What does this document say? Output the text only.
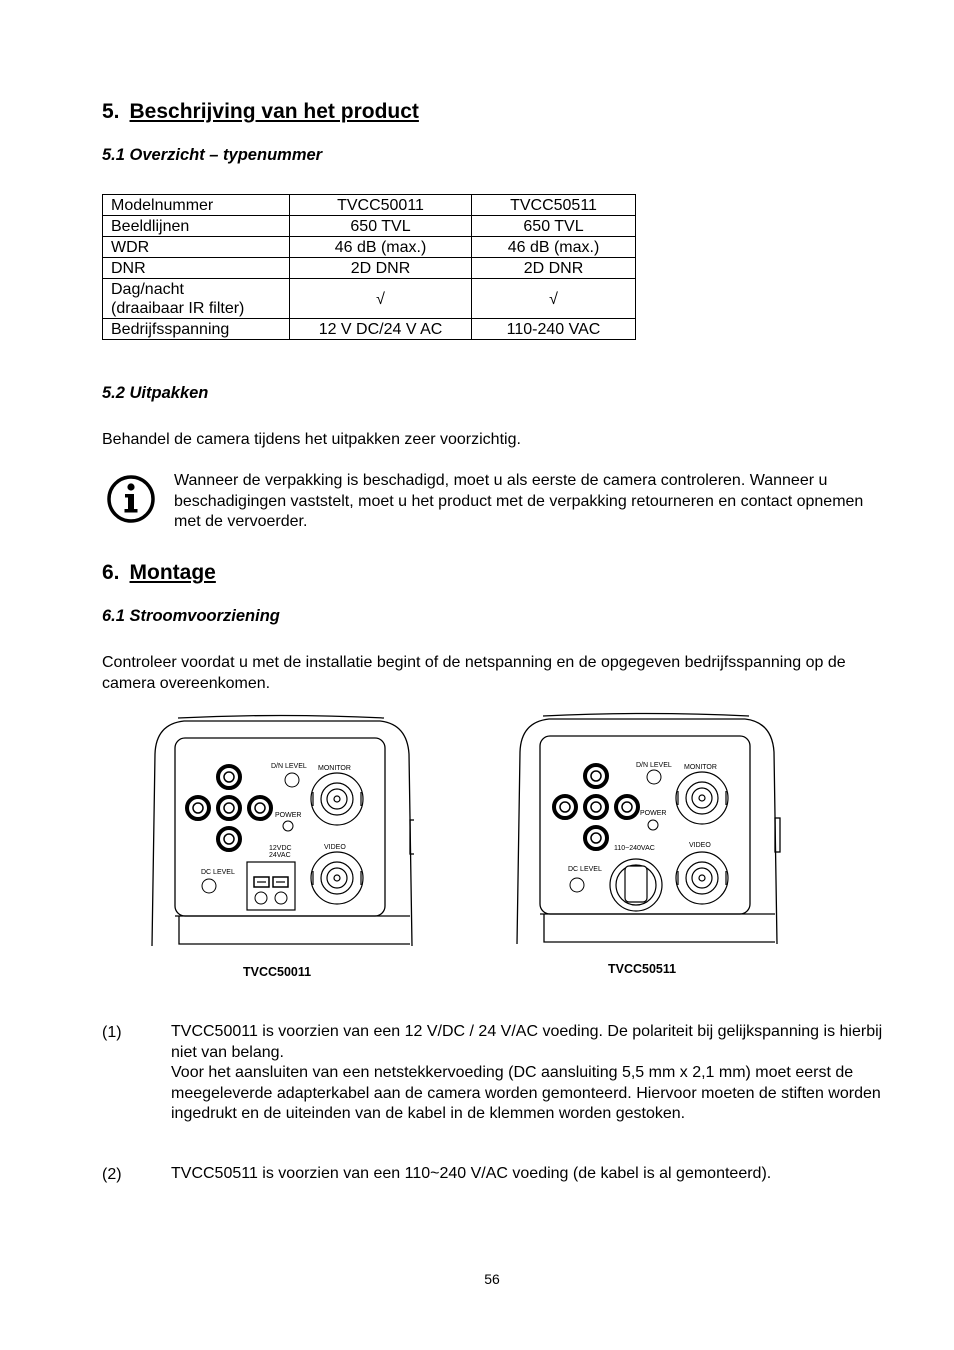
5. Beschrijving van het product
5.1 Overzicht – typenummer
Modelnummer	TVCC50011	TVCC50511
Beeldlijnen	650 TVL	650 TVL
WDR	46 dB (max.)	46 dB (max.)
DNR	2D DNR	2D DNR
Dag/nacht
(draaibaar IR filter)	√	√
Bedrijfsspanning	12 V DC/24 V AC	110-240 VAC
5.2 Uitpakken

Behandel de camera tijdens het uitpakken zeer voorzichtig.

Wanneer de verpakking is beschadigd, moet u als eerste de camera controleren. Wanneer u beschadigingen vaststelt, moet u het product met de verpakking retourneren en contact opnemen met de vervoerder.

6. Montage
6.1 Stroomvoorziening

Controleer voordat u met de installatie begint of de netspanning en de opgegeven bedrijfsspanning op de camera overeenkomen.

D/N LEVEL MONITOR
POWER
12VDC
24VAC
VIDEO
DC LEVEL
TVCC50011
D/N LEVEL MONITOR
POWER
110~240VAC	VIDEO
DC LEVEL
TVCC50511
(1)	TVCC50011 is voorzien van een 12 V/DC / 24 V/AC voeding. De polariteit bij gelijkspanning is hierbij niet van belang.
Voor het aansluiten van een netstekkervoeding (DC aansluiting 5,5 mm x 2,1 mm) moet eerst de meegeleverde adapterkabel aan de camera worden gemonteerd. Hiervoor moeten de stiften worden ingedrukt en de uiteinden van de kabel in de klemmen worden gestoken.
(2)	TVCC50511 is voorzien van een 110~240 V/AC voeding (de kabel is al gemonteerd).
56
